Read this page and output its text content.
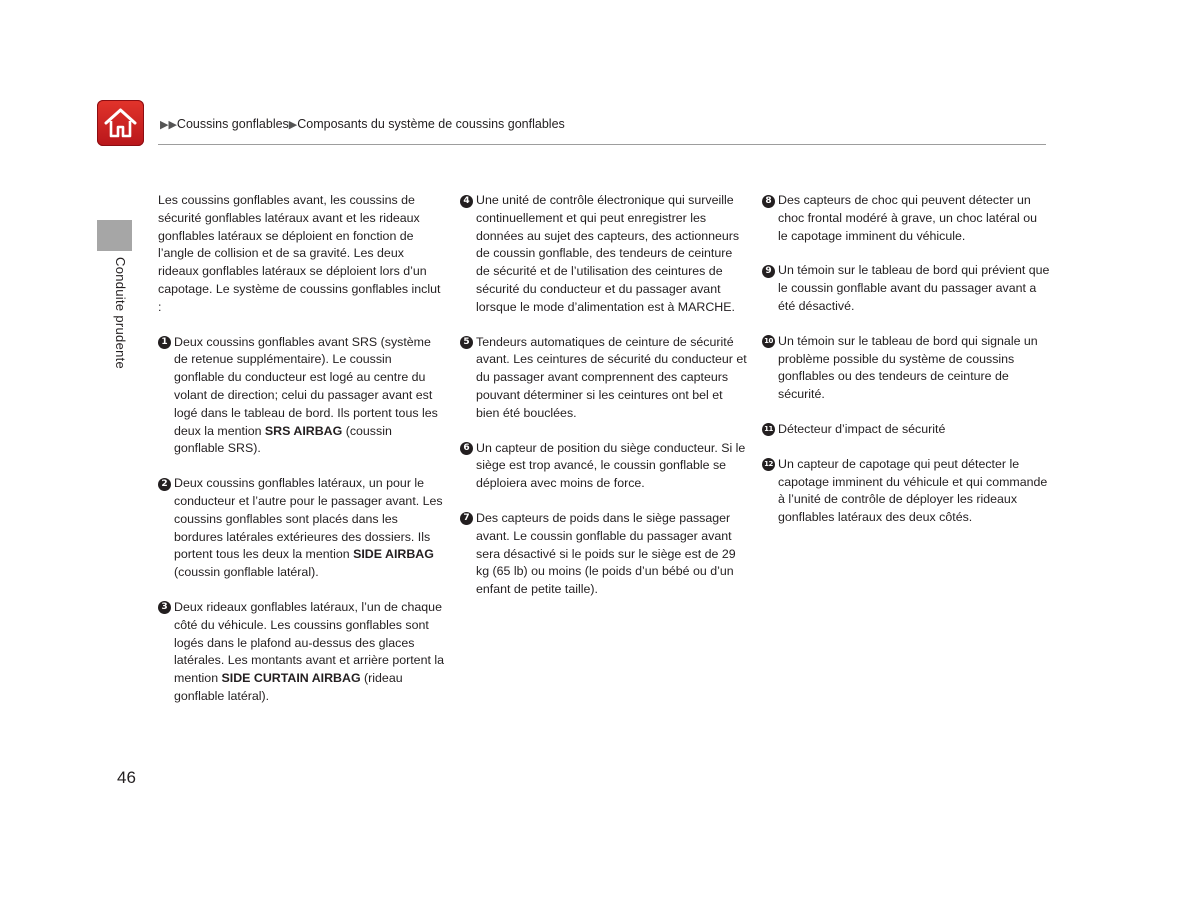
▶▶Coussins gonflables▶Composants du système de coussins gonflables
Conduite prudente

Les coussins gonflables avant, les coussins de sécurité gonflables latéraux avant et les rideaux gonflables latéraux se déploient en fonction de l’angle de collision et de sa gravité. Les deux rideaux gonflables latéraux se déploient lors d’un capotage. Le système de coussins gonflables inclut :

1 Deux coussins gonflables avant SRS (système de retenue supplémentaire). Le coussin gonflable du conducteur est logé au centre du volant de direction; celui du passager avant est logé dans le tableau de bord. Ils portent tous les deux la mention SRS AIRBAG (coussin gonflable SRS).
2 Deux coussins gonflables latéraux, un pour le conducteur et l’autre pour le passager avant. Les coussins gonflables sont placés dans les bordures latérales extérieures des dossiers. Ils portent tous les deux la mention SIDE AIRBAG (coussin gonflable latéral).
3 Deux rideaux gonflables latéraux, l’un de chaque côté du véhicule. Les coussins gonflables sont logés dans le plafond au-dessus des glaces latérales. Les montants avant et arrière portent la mention SIDE CURTAIN AIRBAG (rideau gonflable latéral).
4 Une unité de contrôle électronique qui surveille continuellement et qui peut enregistrer les données au sujet des capteurs, des actionneurs de coussin gonflable, des tendeurs de ceinture de sécurité et de l’utilisation des ceintures de sécurité du conducteur et du passager avant lorsque le mode d’alimentation est à MARCHE.
5 Tendeurs automatiques de ceinture de sécurité avant. Les ceintures de sécurité du conducteur et du passager avant comprennent des capteurs pouvant déterminer si les ceintures ont bel et bien été bouclées.
6 Un capteur de position du siège conducteur. Si le siège est trop avancé, le coussin gonflable se déploiera avec moins de force.
7 Des capteurs de poids dans le siège passager avant. Le coussin gonflable du passager avant sera désactivé si le poids sur le siège est de 29 kg (65 lb) ou moins (le poids d’un bébé ou d’un enfant de petite taille).
8 Des capteurs de choc qui peuvent détecter un choc frontal modéré à grave, un choc latéral ou le capotage imminent du véhicule.
9 Un témoin sur le tableau de bord qui prévient que le coussin gonflable avant du passager avant a été désactivé.
10 Un témoin sur le tableau de bord qui signale un problème possible du système de coussins gonflables ou des tendeurs de ceinture de sécurité.
11 Détecteur d’impact de sécurité
12 Un capteur de capotage qui peut détecter le capotage imminent du véhicule et qui commande à l’unité de contrôle de déployer les rideaux gonflables latéraux des deux côtés.
46
